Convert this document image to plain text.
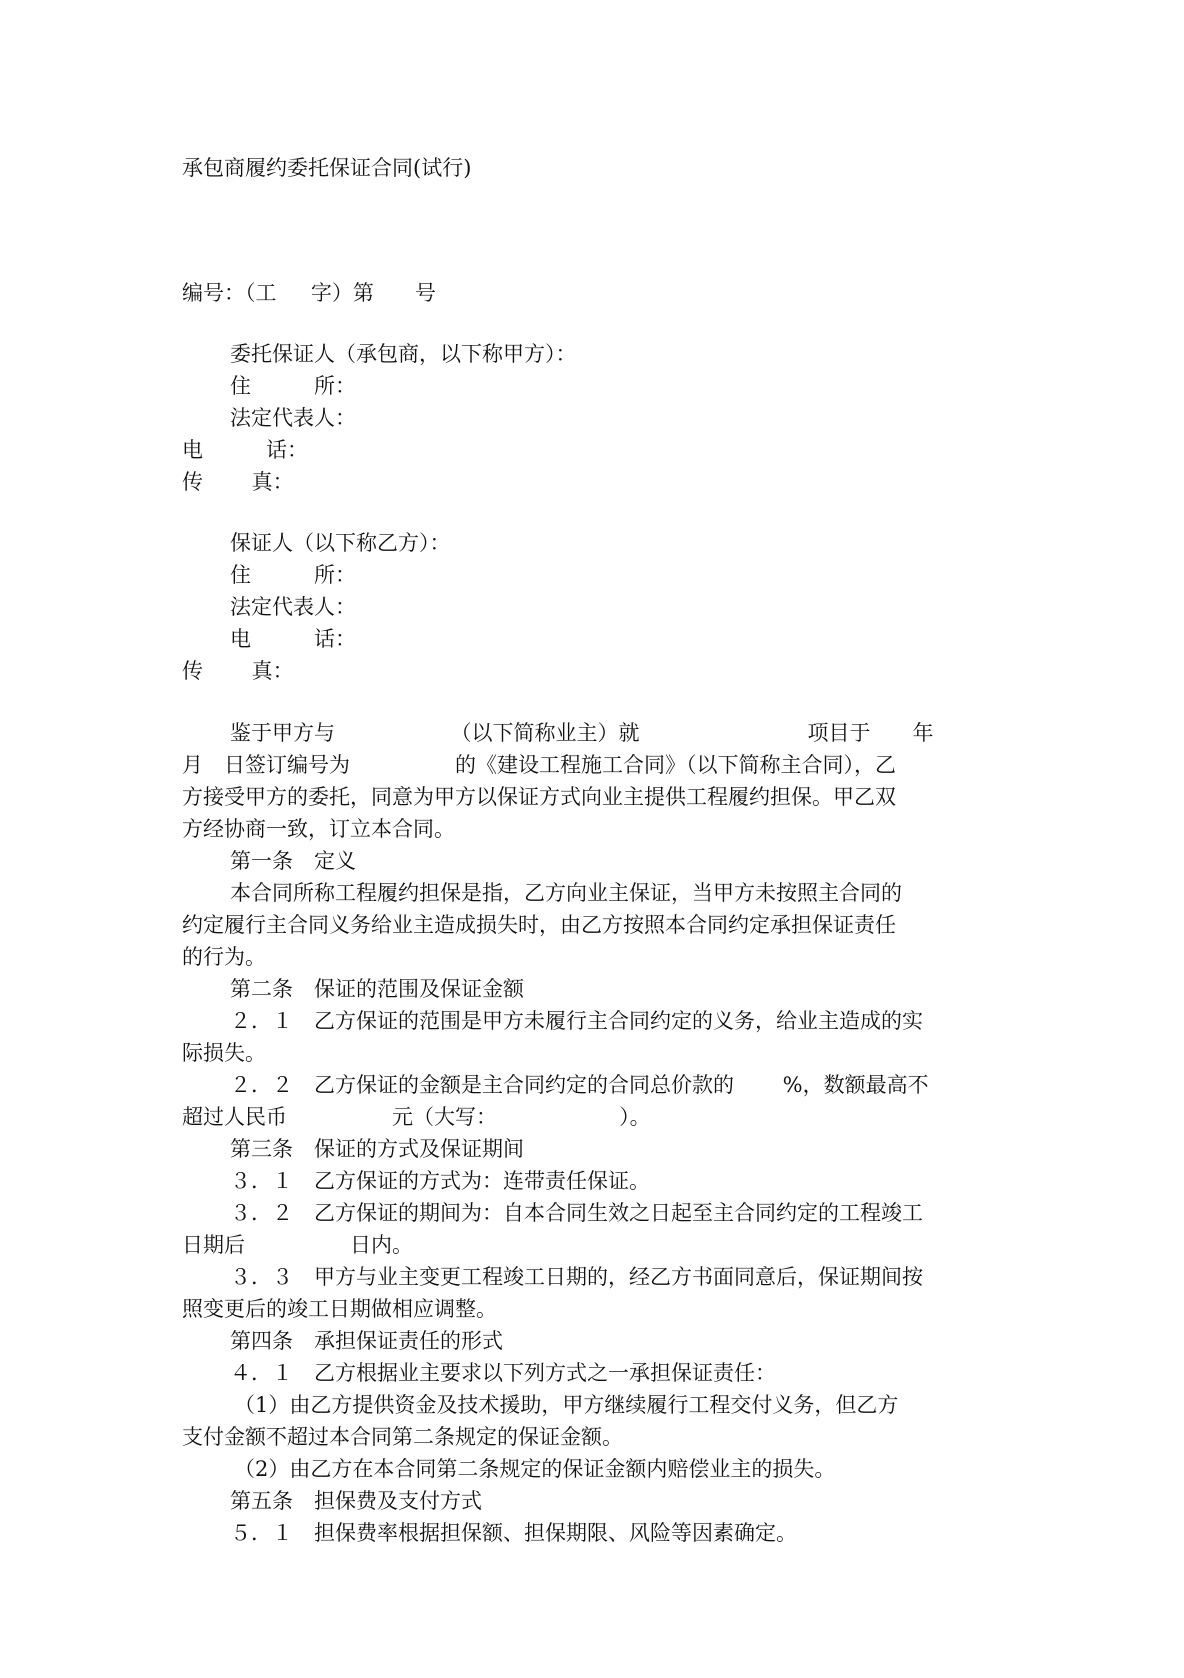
承包商履约委托保证合同(试行)
编号：（工　  字）第　   号
委托保证人（承包商，以下称甲方）：
住　　　所：
法定代表人：
电　　　话：
传　　 真：
保证人（以下称乙方）：
住　　　所：
法定代表人：
电　　　话：
传　　 真：
鉴于甲方与　　　　　　（以下简称业主）就　　　　　　　　项目于　　年
月　日签订编号为　　　　　的《建设工程施工合同》（以下简称主合同），乙
方接受甲方的委托，同意为甲方以保证方式向业主提供工程履约担保。甲乙双
方经协商一致，订立本合同。
第一条　定义
本合同所称工程履约担保是指，乙方向业主保证，当甲方未按照主合同的
约定履行主合同义务给业主造成损失时，由乙方按照本合同约定承担保证责任
的行为。
第二条　保证的范围及保证金额
２．１　乙方保证的范围是甲方未履行主合同约定的义务，给业主造成的实
际损失。
２．２　乙方保证的金额是主合同约定的合同总价款的　　 %，数额最高不
超过人民币　　　　　元（大写：　　　　　　 ）。
第三条　保证的方式及保证期间
３．１　乙方保证的方式为：连带责任保证。
３．２　乙方保证的期间为：自本合同生效之日起至主合同约定的工程竣工
日期后　　　　　日内。
３．３　甲方与业主变更工程竣工日期的，经乙方书面同意后，保证期间按
照变更后的竣工日期做相应调整。
第四条　承担保证责任的形式
４．１　乙方根据业主要求以下列方式之一承担保证责任：
（1）由乙方提供资金及技术援助，甲方继续履行工程交付义务，但乙方
支付金额不超过本合同第二条规定的保证金额。
（2）由乙方在本合同第二条规定的保证金额内赔偿业主的损失。
第五条　担保费及支付方式
５．１　担保费率根据担保额、担保期限、风险等因素确定。
